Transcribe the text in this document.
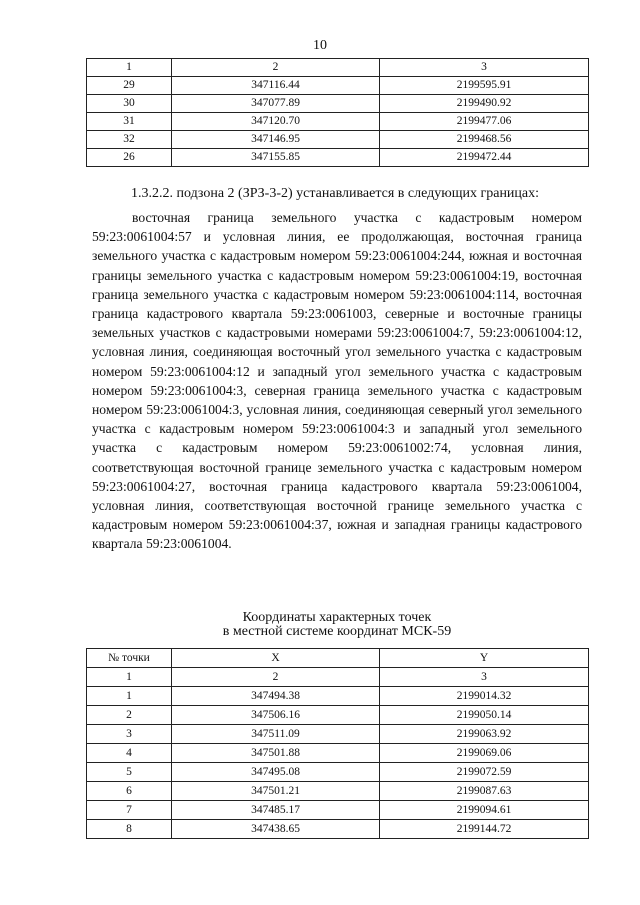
10
1	2	3
29	347116.44	2199595.91
30	347077.89	2199490.92
31	347120.70	2199477.06
32	347146.95	2199468.56
26	347155.85	2199472.44
1.3.2.2. подзона 2 (ЗРЗ-3-2) устанавливается в следующих границах:

восточная граница земельного участка с кадастровым номером 59:23:0061004:57 и условная линия, ее продолжающая, восточная граница земельного участка с кадастровым номером 59:23:0061004:244, южная и восточная границы земельного участка с кадастровым номером 59:23:0061004:19, восточная граница земельного участка с кадастровым номером 59:23:0061004:114, восточная граница кадастрового квартала 59:23:0061003, северные и восточные границы земельных участков с кадастровыми номерами 59:23:0061004:7, 59:23:0061004:12, условная линия, соединяющая восточный угол земельного участка с кадастровым номером 59:23:0061004:12 и западный угол земельного участка с кадастровым номером 59:23:0061004:3, северная граница земельного участка с кадастровым номером 59:23:0061004:3, условная линия, соединяющая северный угол земельного участка с кадастровым номером 59:23:0061004:3 и западный угол земельного участка с кадастровым номером 59:23:0061002:74, условная линия, соответствующая восточной границе земельного участка с кадастровым номером 59:23:0061004:27, восточная граница кадастрового квартала 59:23:0061004, условная линия, соответствующая восточной границе земельного участка с кадастровым номером 59:23:0061004:37, южная и западная границы кадастрового квартала 59:23:0061004.

Координаты характерных точек
в местной системе координат МСК-59
№ точки	X	Y
1	2	3
1	347494.38	2199014.32
2	347506.16	2199050.14
3	347511.09	2199063.92
4	347501.88	2199069.06
5	347495.08	2199072.59
6	347501.21	2199087.63
7	347485.17	2199094.61
8	347438.65	2199144.72
